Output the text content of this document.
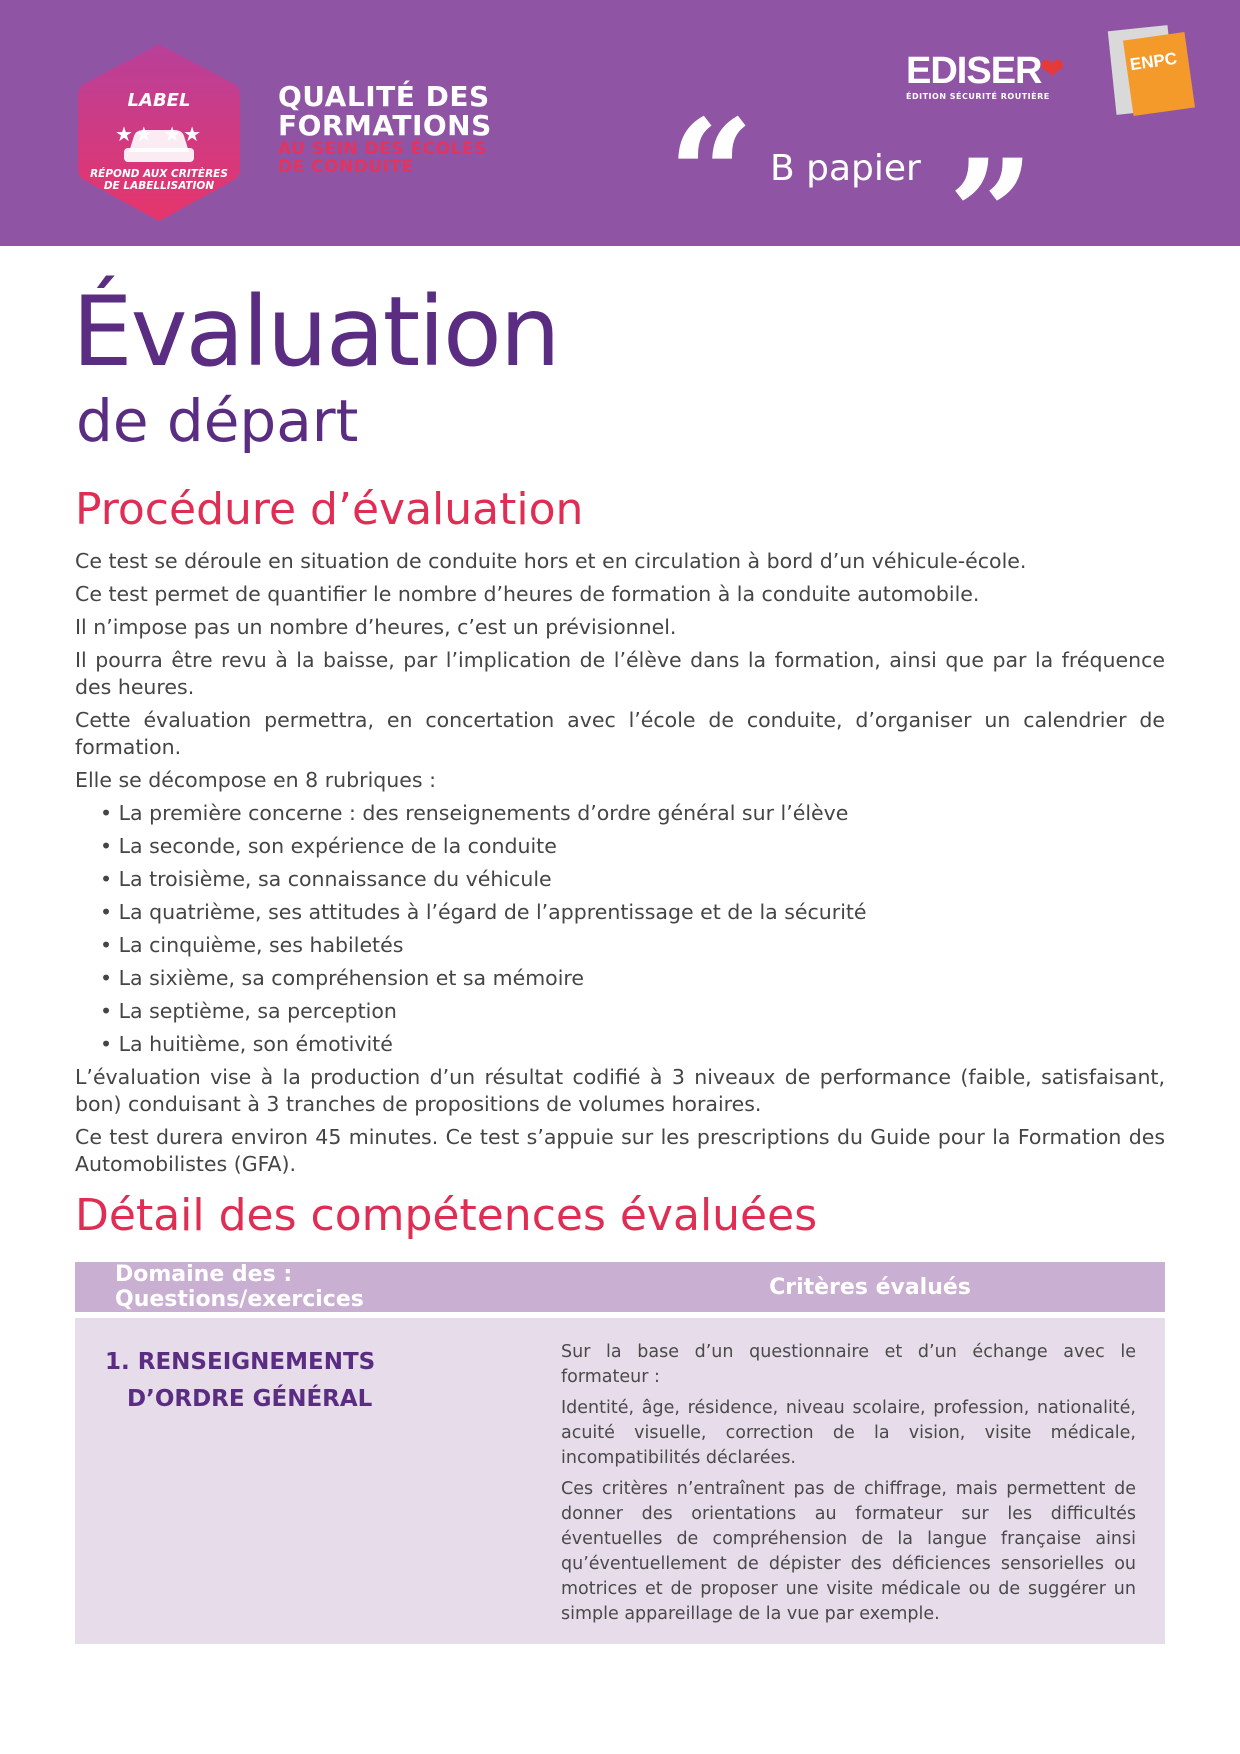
LABEL
★★ ★★
RÉPOND AUX CRITÈRES
DE LABELLISATION
QUALITÉ DES
FORMATIONS
AU SEIN DES ÉCOLES
DE CONDUITE	“ B papier ”
EDISER❤
ÉDITION SÉCURITÉ ROUTIÈRE
ENPC
Évaluation
de départ
Procédure d’évaluation

Ce test se déroule en situation de conduite hors et en circulation à bord d’un véhicule-école.

Ce test permet de quantifier le nombre d’heures de formation à la conduite automobile.

Il n’impose pas un nombre d’heures, c’est un prévisionnel.

Il pourra être revu à la baisse, par l’implication de l’élève dans la formation, ainsi que par la fréquence des heures.

Cette évaluation permettra, en concertation avec l’école de conduite, d’organiser un calendrier de formation.

Elle se décompose en 8 rubriques :

• La première concerne : des renseignements d’ordre général sur l’élève
• La seconde, son expérience de la conduite
• La troisième, sa connaissance du véhicule
• La quatrième, ses attitudes à l’égard de l’apprentissage et de la sécurité
• La cinquième, ses habiletés
• La sixième, sa compréhension et sa mémoire
• La septième, sa perception
• La huitième, son émotivité

L’évaluation vise à la production d’un résultat codifié à 3 niveaux de performance (faible, satisfaisant, bon) conduisant à 3 tranches de propositions de volumes horaires.

Ce test durera environ 45 minutes. Ce test s’appuie sur les prescriptions du Guide pour la Formation des Automobilistes (GFA).

Détail des compétences évaluées
Domaine des : Questions/exercices	Critères évalués
1. RENSEIGNEMENTS
D’ORDRE GÉNÉRAL

Sur la base d’un questionnaire et d’un échange avec le formateur :

Identité, âge, résidence, niveau scolaire, profession, nationalité, acuité visuelle, correction de la vision, visite médicale, incompatibilités déclarées.

Ces critères n’entraînent pas de chiffrage, mais permettent de donner des orientations au formateur sur les difficultés éventuelles de compréhension de la langue française ainsi qu’éventuellement de dépister des déficiences sensorielles ou motrices et de proposer une visite médicale ou de suggérer un simple appareillage de la vue par exemple.
